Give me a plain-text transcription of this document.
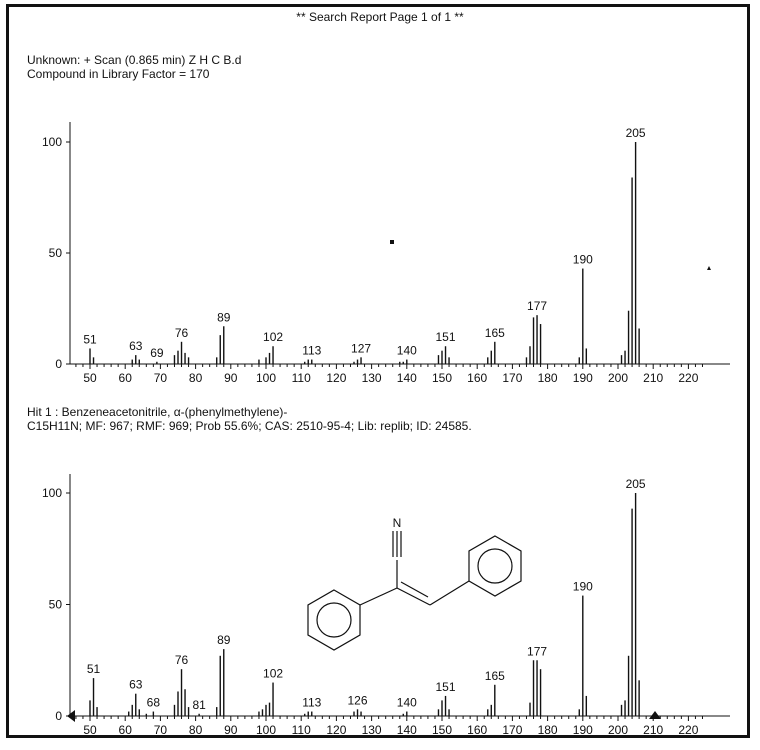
** Search Report Page 1 of 1 **
Unknown: + Scan (0.865 min) Z H C B.d
Compound in Library Factor = 170
Hit 1 : Benzeneacetonitrile, α-(phenylmethylene)-
C15H11N; MF: 967; RMF: 969; Prob 55.6%; CAS: 2510-95-4; Lib: replib; ID: 24585.
50 60 70 80 90 100 110 120 130 140 150 160 170 180 190 200 210 220
0
50
100
51	63 69
76
89
102
113 127 140
151 165
177
190
205
50 60 70 80 90 100 110 120 130 140 150 160 170 180 190 200 210 220
0
50
100
51
63
68
76
81
89
102
113 126 140
151
165
177
190
205
N
